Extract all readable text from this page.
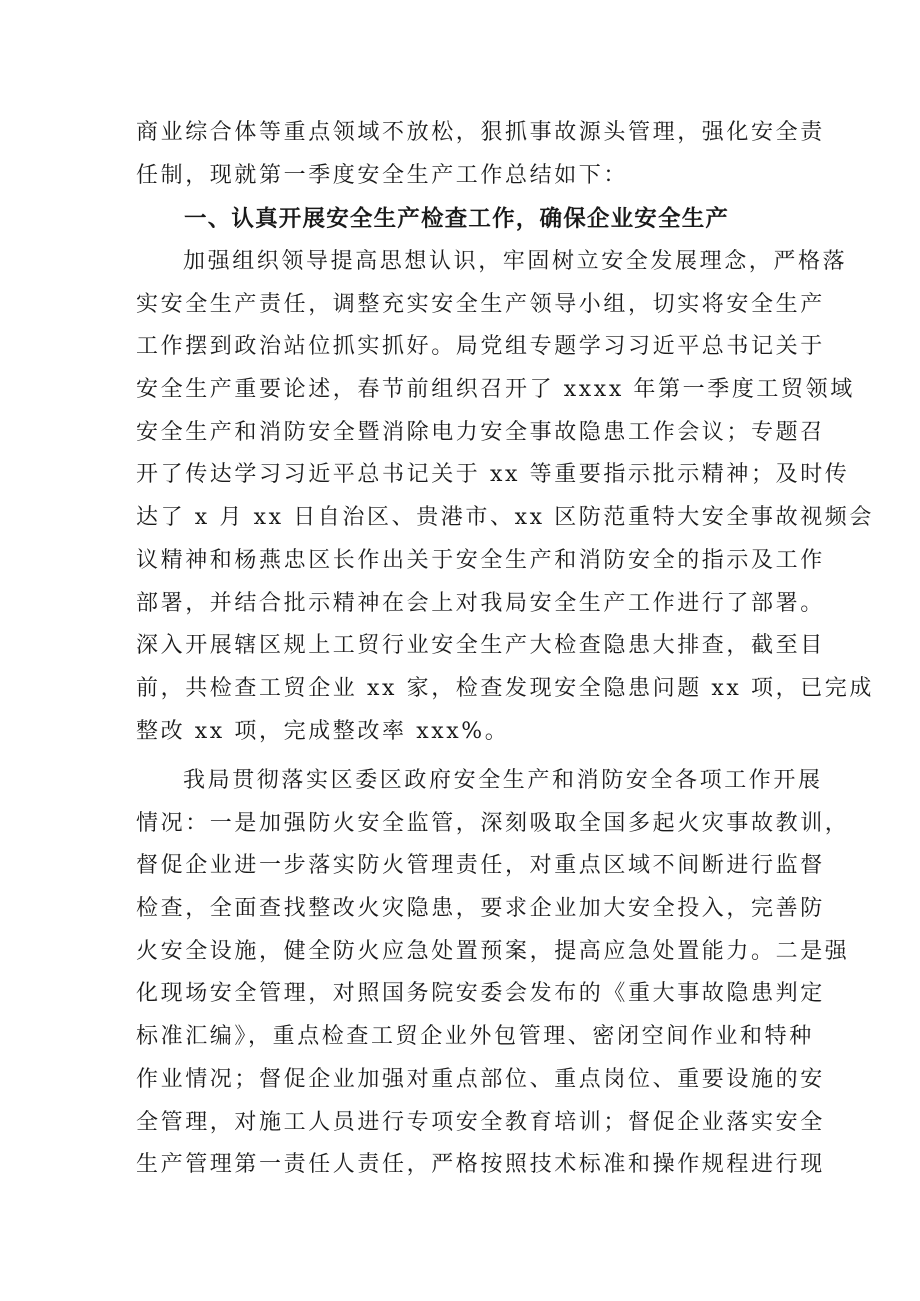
商业综合体等重点领域不放松，狠抓事故源头管理，强化安全责
任制，现就第一季度安全生产工作总结如下：
一、认真开展安全生产检查工作，确保企业安全生产
加强组织领导提高思想认识，牢固树立安全发展理念，严格落
实安全生产责任，调整充实安全生产领导小组，切实将安全生产
工作摆到政治站位抓实抓好。局党组专题学习习近平总书记关于
安全生产重要论述，春节前组织召开了 xxxx 年第一季度工贸领域
安全生产和消防安全暨消除电力安全事故隐患工作会议；专题召
开了传达学习习近平总书记关于 xx 等重要指示批示精神；及时传
达了 x 月 xx 日自治区、贵港市、xx 区防范重特大安全事故视频会
议精神和杨燕忠区长作出关于安全生产和消防安全的指示及工作
部署，并结合批示精神在会上对我局安全生产工作进行了部署。
深入开展辖区规上工贸行业安全生产大检查隐患大排查，截至目
前，共检查工贸企业 xx 家，检查发现安全隐患问题 xx 项，已完成
整改 xx 项，完成整改率 xxx%。
我局贯彻落实区委区政府安全生产和消防安全各项工作开展
情况：一是加强防火安全监管，深刻吸取全国多起火灾事故教训，
督促企业进一步落实防火管理责任，对重点区域不间断进行监督
检查，全面查找整改火灾隐患，要求企业加大安全投入，完善防
火安全设施，健全防火应急处置预案，提高应急处置能力。二是强
化现场安全管理，对照国务院安委会发布的《重大事故隐患判定
标准汇编》，重点检查工贸企业外包管理、密闭空间作业和特种
作业情况；督促企业加强对重点部位、重点岗位、重要设施的安
全管理，对施工人员进行专项安全教育培训；督促企业落实安全
生产管理第一责任人责任，严格按照技术标准和操作规程进行现
